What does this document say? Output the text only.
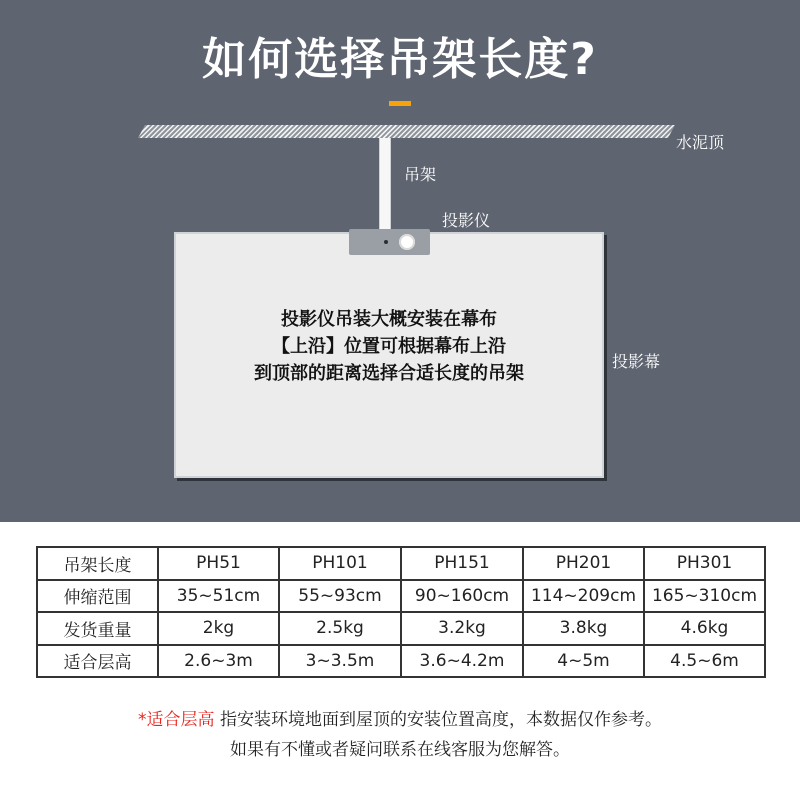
如何选择吊架长度?
水泥顶
吊架
投影仪
投影仪吊装大概安装在幕布
【上沿】位置可根据幕布上沿
到顶部的距离选择合适长度的吊架
投影幕
吊架长度	PH51	PH101	PH151	PH201	PH301
伸缩范围	35~51cm	55~93cm	90~160cm	114~209cm	165~310cm
发货重量	2kg	2.5kg	3.2kg	3.8kg	4.6kg
适合层高	2.6~3m	3~3.5m	3.6~4.2m	4~5m	4.5~6m
*适合层高 指安装环境地面到屋顶的安装位置高度，本数据仅作参考。
如果有不懂或者疑问联系在线客服为您解答。
